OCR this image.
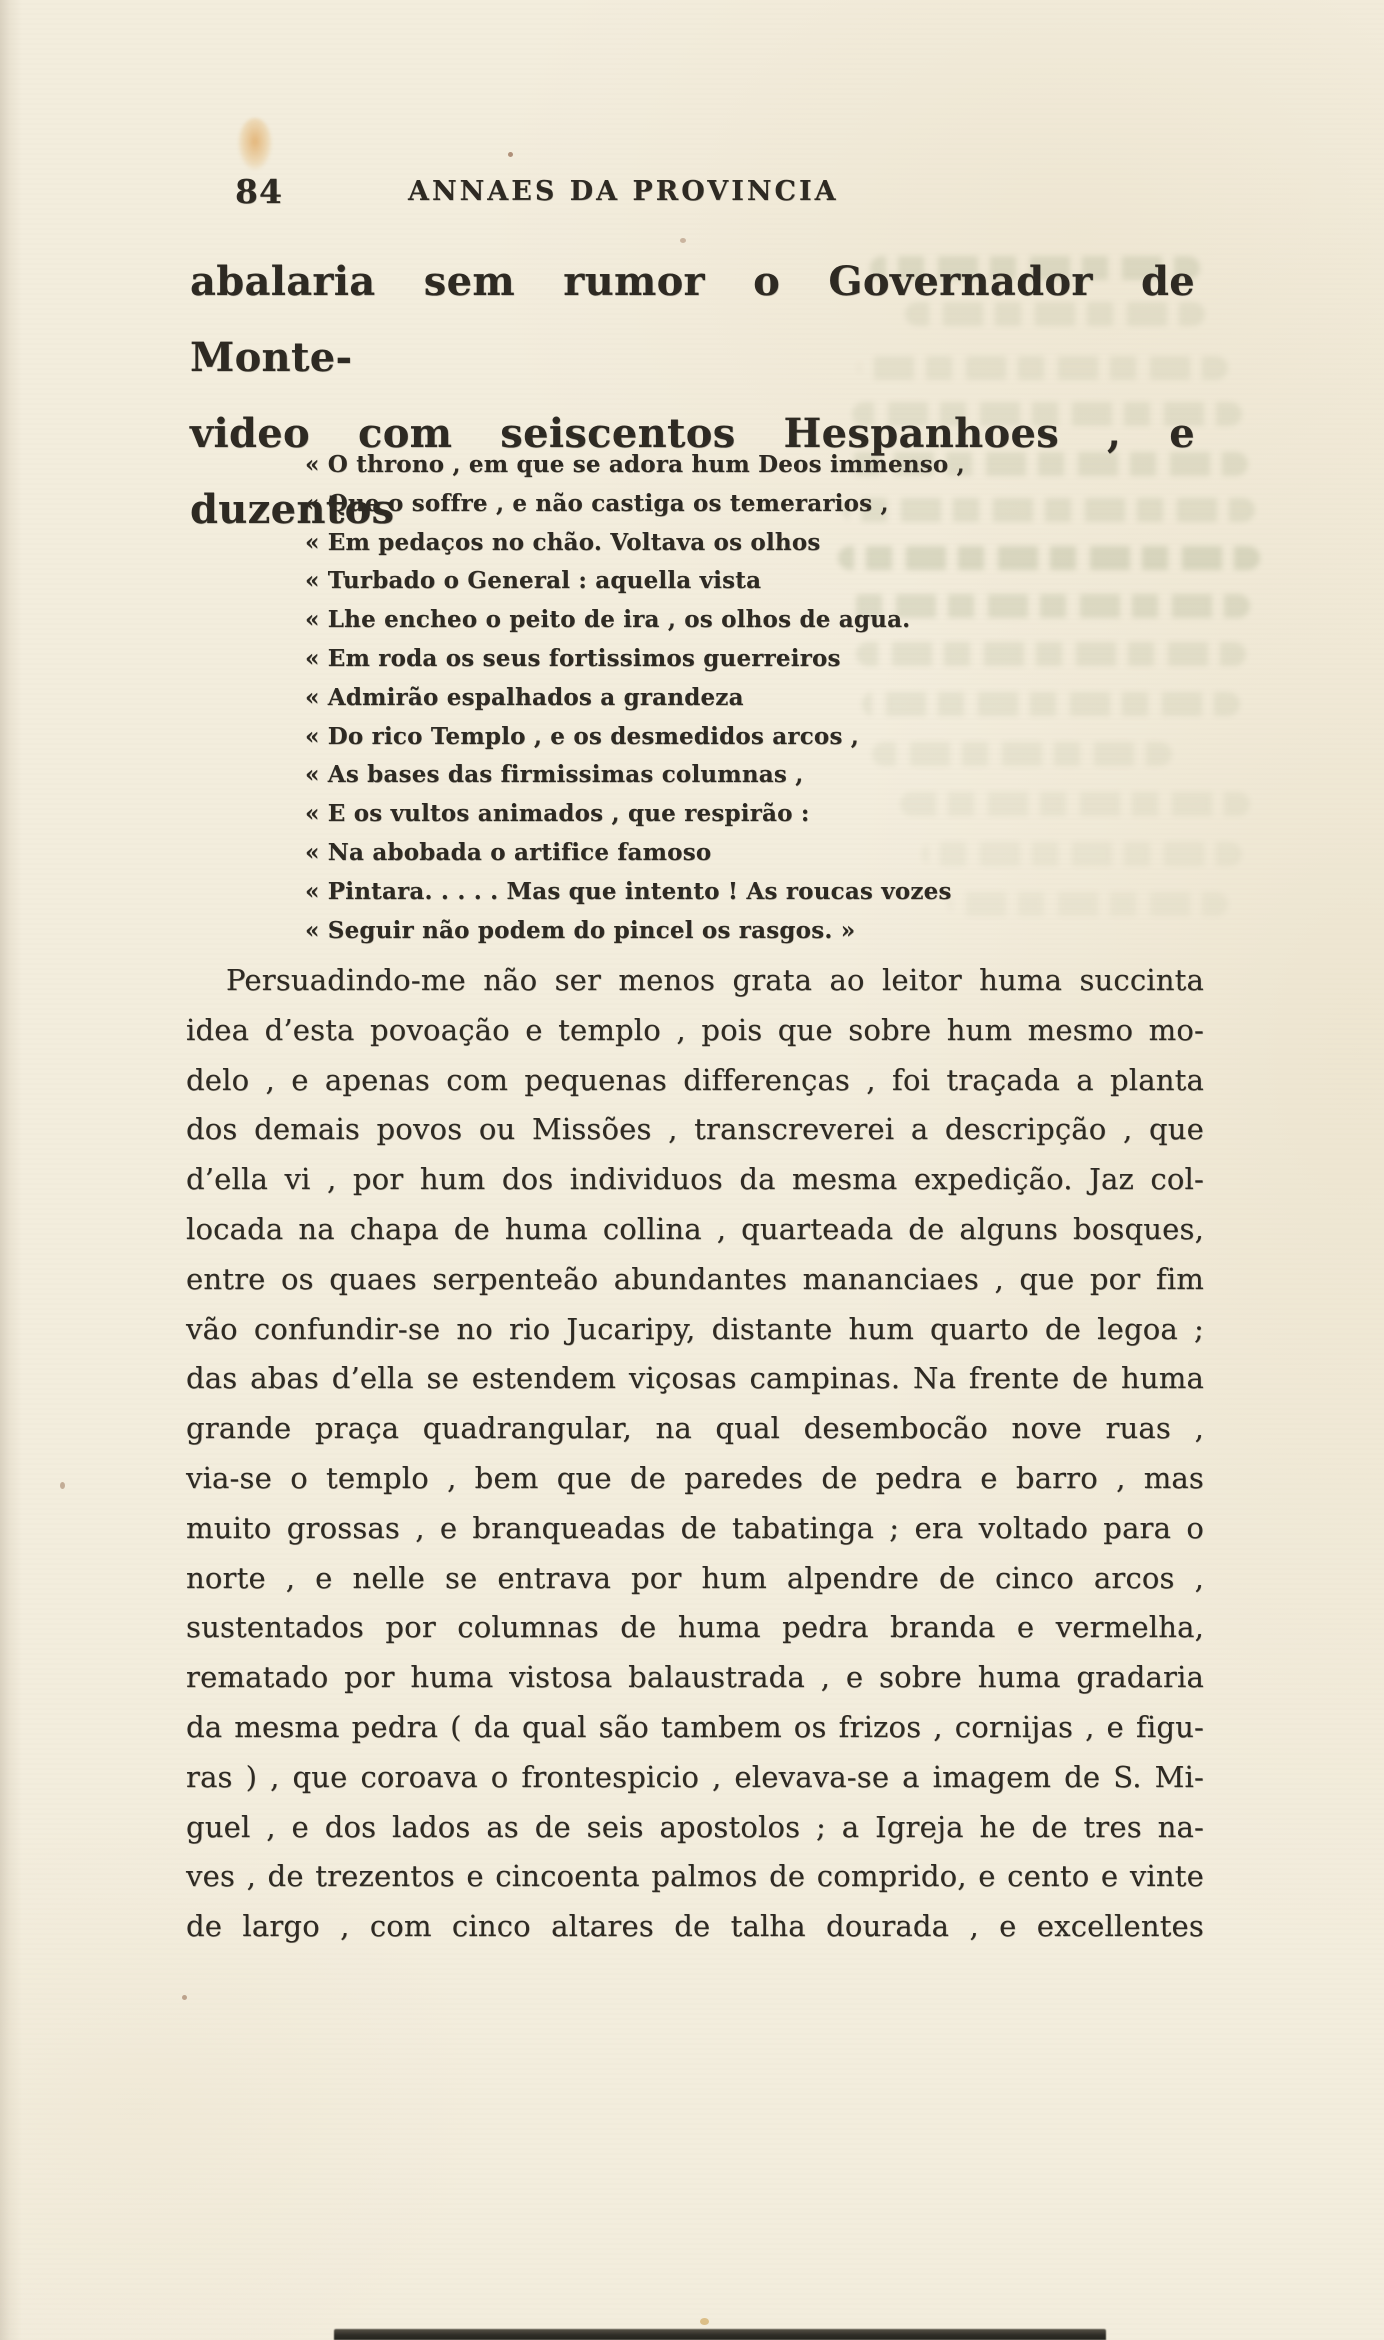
84	ANNAES DA PROVINCIA
abalaria sem rumor o Governador de Monte-
video com seiscentos Hespanhoes , e duzentos
« O throno , em que se adora hum Deos immenso ,
« Que o soffre , e não castiga os temerarios ,
« Em pedaços no chão. Voltava os olhos
« Turbado o General : aquella vista
« Lhe encheo o peito de ira , os olhos de agua.
« Em roda os seus fortissimos guerreiros
« Admirão espalhados a grandeza
« Do rico Templo , e os desmedidos arcos ,
« As bases das firmissimas columnas ,
« E os vultos animados , que respirão :
« Na abobada o artifice famoso
« Pintara. . . . . Mas que intento ! As roucas vozes
« Seguir não podem do pincel os rasgos. »
Persuadindo-me não ser menos grata ao leitor huma succinta
idea d’esta povoação e templo , pois que sobre hum mesmo mo-
delo , e apenas com pequenas differenças , foi traçada a planta
dos demais povos ou Missões , transcreverei a descripção , que
d’ella vi , por hum dos individuos da mesma expedição. Jaz col-
locada na chapa de huma collina , quarteada de alguns bosques,
entre os quaes serpenteão abundantes mananciaes , que por fim
vão confundir-se no rio Jucaripy, distante hum quarto de legoa ;
das abas d’ella se estendem viçosas campinas. Na frente de huma
grande praça quadrangular, na qual desembocão nove ruas ,
via-se o templo , bem que de paredes de pedra e barro , mas
muito grossas , e branqueadas de tabatinga ; era voltado para o
norte , e nelle se entrava por hum alpendre de cinco arcos ,
sustentados por columnas de huma pedra branda e vermelha,
rematado por huma vistosa balaustrada , e sobre huma gradaria
da mesma pedra ( da qual são tambem os frizos , cornijas , e figu-
ras ) , que coroava o frontespicio , elevava-se a imagem de S. Mi-
guel , e dos lados as de seis apostolos ; a Igreja he de tres na-
ves , de trezentos e cincoenta palmos de comprido, e cento e vinte
de largo , com cinco altares de talha dourada , e excellentes
